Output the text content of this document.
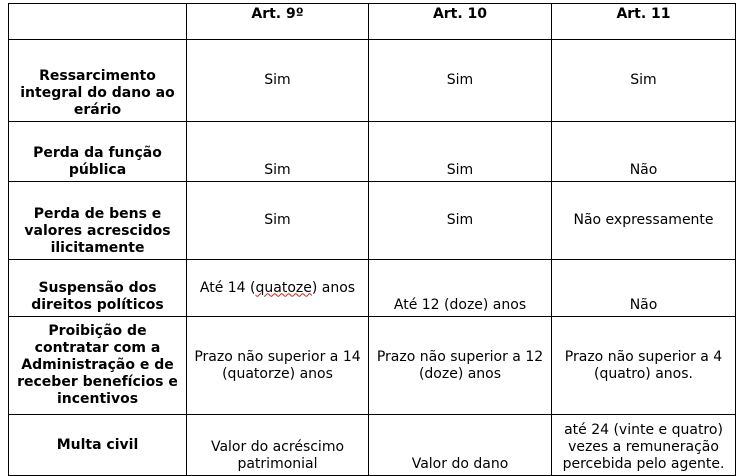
	Art. 9º	Art. 10	Art. 11
Ressarcimento integral do dano ao erário	Sim	Sim	Sim
Perda da função pública	Sim	Sim	Não
Perda de bens e valores acrescidos ilicitamente	Sim	Sim	Não expressamente
Suspensão dos direitos políticos	Até 14 (quatoze) anos	Até 12 (doze) anos	Não
Proibição de contratar com a Administração e de receber benefícios e incentivos	Prazo não superior a 14 (quatorze) anos	Prazo não superior a 12 (doze) anos	Prazo não superior a 4 (quatro) anos.
Multa civil	Valor do acréscimo patrimonial	Valor do dano	até 24 (vinte e quatro) vezes a remuneração percebida pelo agente.
